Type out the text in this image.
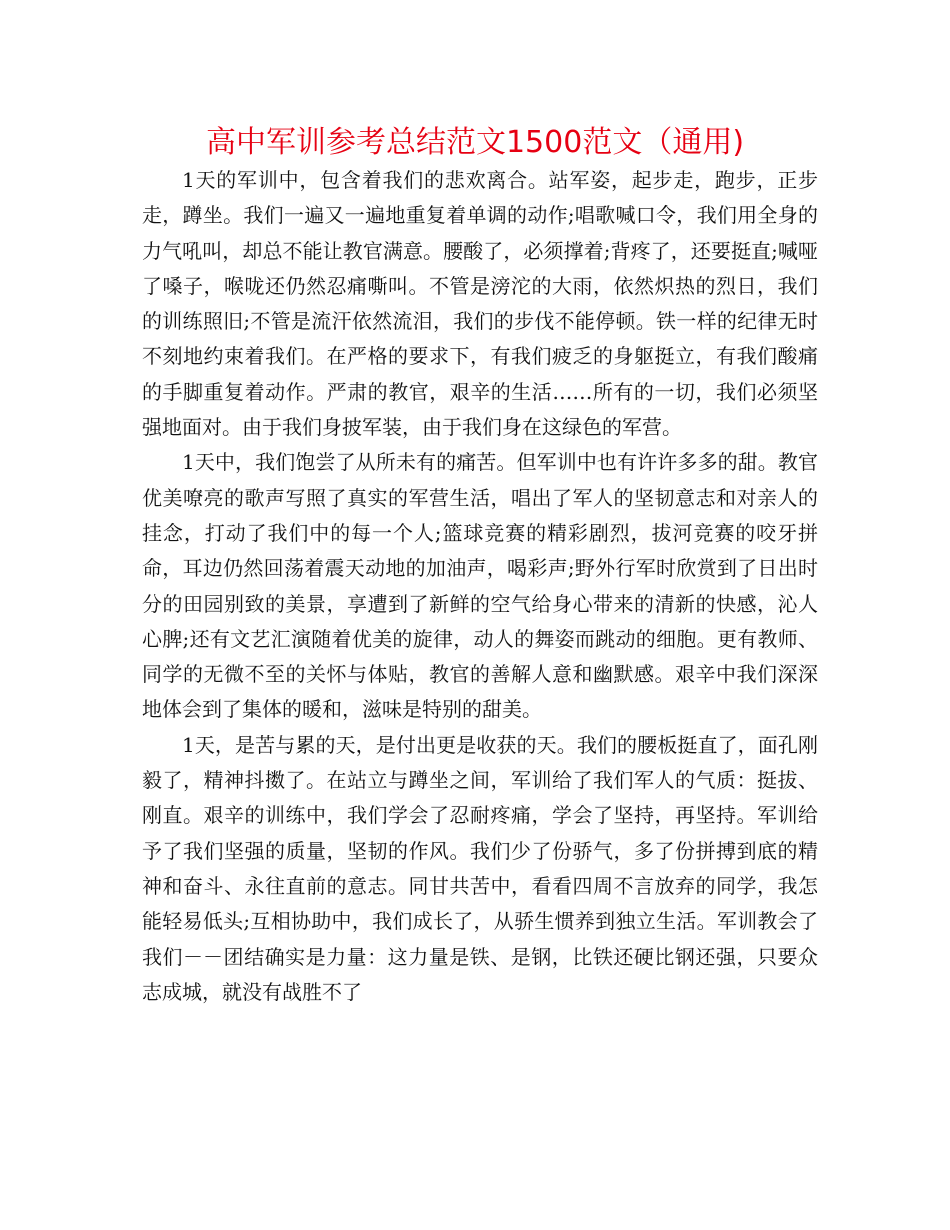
高中军训参考总结范文1500范文（通用)

1天的军训中，包含着我们的悲欢离合。站军姿，起步走，跑步，正步走，蹲坐。我们一遍又一遍地重复着单调的动作;唱歌喊口令，我们用全身的力气吼叫，却总不能让教官满意。腰酸了，必须撑着;背疼了，还要挺直;喊哑了嗓子，喉咙还仍然忍痛嘶叫。不管是滂沱的大雨，依然炽热的烈日，我们的训练照旧;不管是流汗依然流泪，我们的步伐不能停顿。铁一样的纪律无时不刻地约束着我们。在严格的要求下，有我们疲乏的身躯挺立，有我们酸痛的手脚重复着动作。严肃的教官，艰辛的生活……所有的一切，我们必须坚强地面对。由于我们身披军装，由于我们身在这绿色的军营。

1天中，我们饱尝了从所未有的痛苦。但军训中也有许许多多的甜。教官优美嘹亮的歌声写照了真实的军营生活，唱出了军人的坚韧意志和对亲人的挂念，打动了我们中的每一个人;篮球竞赛的精彩剧烈，拔河竞赛的咬牙拼命，耳边仍然回荡着震天动地的加油声，喝彩声;野外行军时欣赏到了日出时分的田园别致的美景，享遭到了新鲜的空气给身心带来的清新的快感，沁人心脾;还有文艺汇演随着优美的旋律，动人的舞姿而跳动的细胞。更有教师、同学的无微不至的关怀与体贴，教官的善解人意和幽默感。艰辛中我们深深地体会到了集体的暖和，滋味是特别的甜美。

1天，是苦与累的天，是付出更是收获的天。我们的腰板挺直了，面孔刚毅了，精神抖擞了。在站立与蹲坐之间，军训给了我们军人的气质：挺拔、刚直。艰辛的训练中，我们学会了忍耐疼痛，学会了坚持，再坚持。军训给予了我们坚强的质量，坚韧的作风。我们少了份骄气，多了份拼搏到底的精神和奋斗、永往直前的意志。同甘共苦中，看看四周不言放弃的同学，我怎能轻易低头;互相协助中，我们成长了，从骄生惯养到独立生活。军训教会了我们－－团结确实是力量：这力量是铁、是钢，比铁还硬比钢还强，只要众志成城，就没有战胜不了
